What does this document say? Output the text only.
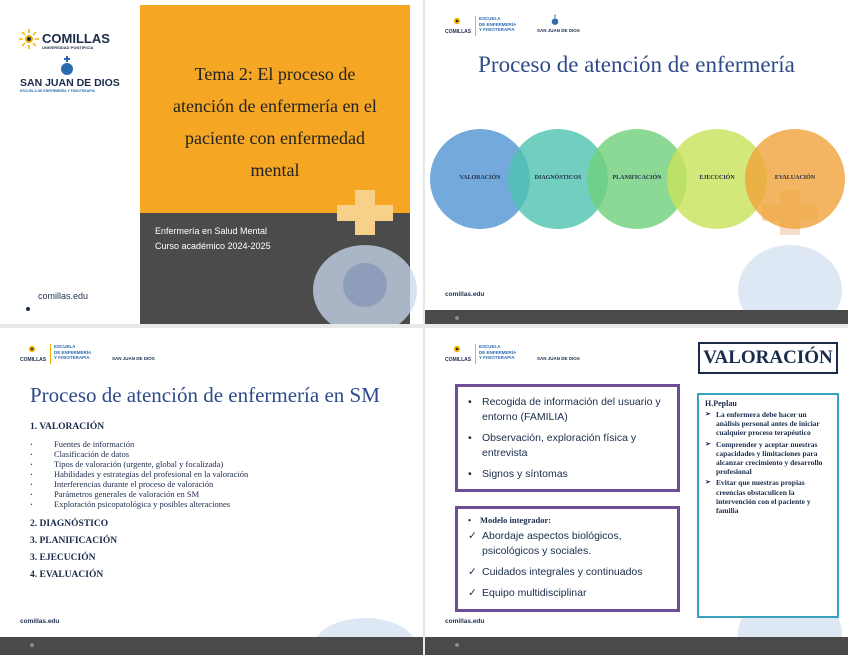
COMILLAS
UNIVERSIDAD PONTIFICIA
SAN JUAN DE DIOS
ESCUELA DE ENFERMERÍA Y FISIOTERAPIA
Tema 2: El proceso de
atención de enfermería en el
paciente con enfermedad
mental
Enfermería en Salud Mental
Curso académico 2024-2025
comillas.edu
COMILLAS
ESCUELA
DE ENFERMERÍA
Y FISIOTERAPIA	SAN JUAN DE DIOS
Proceso de atención de enfermería
VALORACIÓN	DIAGNÓSTICOS	PLANIFICACIÓN	EJECUCIÓN	EVALUACIÓN
comillas.edu
COMILLAS
ESCUELA
DE ENFERMERÍA
Y FISIOTERAPIA	SAN JUAN DE DIOS
Proceso de atención de enfermería en SM
1. VALORACIÓN
· Fuentes de información
· Clasificación de datos
· Tipos de valoración (urgente, global y focalizada)
· Habilidades y estrategias del profesional en la valoración
· Interferencias durante el proceso de valoración
· Parámetros generales de valoración en SM
· Exploración psicopatológica y posibles alteraciones
2. DIAGNÓSTICO
3. PLANIFICACIÓN
3. EJECUCIÓN
4. EVALUACIÓN
comillas.edu
COMILLAS
ESCUELA
DE ENFERMERÍA
Y FISIOTERAPIA	SAN JUAN DE DIOS	VALORACIÓN
• Recogida de información del usuario y entorno (FAMILIA)
• Observación, exploración física y entrevista
• Signos y síntomas
• Modelo integrador:
✓ Abordaje aspectos biológicos, psicológicos y sociales.
✓ Cuidados integrales y continuados
✓ Equipo multidisciplinar
H.Peplau
➢ La enfermera debe hacer un análisis personal antes de iniciar cualquier proceso terapéutico
➢ Comprender y aceptar nuestras capacidades y limitaciones para alcanzar crecimiento y desarrollo profesional
➢ Evitar que nuestras propias creencias obstaculicen la intervención con el paciente y familia
comillas.edu
